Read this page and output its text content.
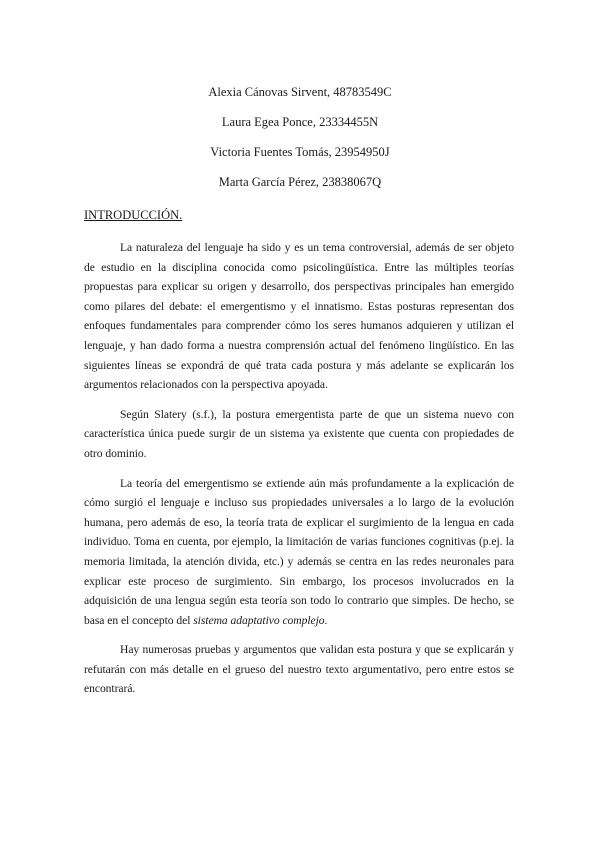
Alexia Cánovas Sirvent, 48783549C

Laura Egea Ponce, 23334455N

Victoria Fuentes Tomás, 23954950J

Marta García Pérez, 23838067Q

INTRODUCCIÓN.

La naturaleza del lenguaje ha sido y es un tema controversial, además de ser objeto de estudio en la disciplina conocida como psicolingüística. Entre las múltiples teorías propuestas para explicar su origen y desarrollo, dos perspectivas principales han emergido como pilares del debate: el emergentismo y el innatismo. Estas posturas representan dos enfoques fundamentales para comprender cómo los seres humanos adquieren y utilizan el lenguaje, y han dado forma a nuestra comprensión actual del fenómeno lingüístico. En las siguientes líneas se expondrá de qué trata cada postura y más adelante se explicarán los argumentos relacionados con la perspectiva apoyada.

Según Slatery (s.f.), la postura emergentista parte de que un sistema nuevo con característica única puede surgir de un sistema ya existente que cuenta con propiedades de otro dominio.

La teoría del emergentismo se extiende aún más profundamente a la explicación de cómo surgió el lenguaje e incluso sus propiedades universales a lo largo de la evolución humana, pero además de eso, la teoría trata de explicar el surgimiento de la lengua en cada individuo. Toma en cuenta, por ejemplo, la limitación de varias funciones cognitivas (p.ej. la memoria limitada, la atención divida, etc.) y además se centra en las redes neuronales para explicar este proceso de surgimiento. Sin embargo, los procesos involucrados en la adquisición de una lengua según esta teoría son todo lo contrario que simples. De hecho, se basa en el concepto del sistema adaptativo complejo.

Hay numerosas pruebas y argumentos que validan esta postura y que se explicarán y refutarán con más detalle en el grueso del nuestro texto argumentativo, pero entre estos se encontrará.
